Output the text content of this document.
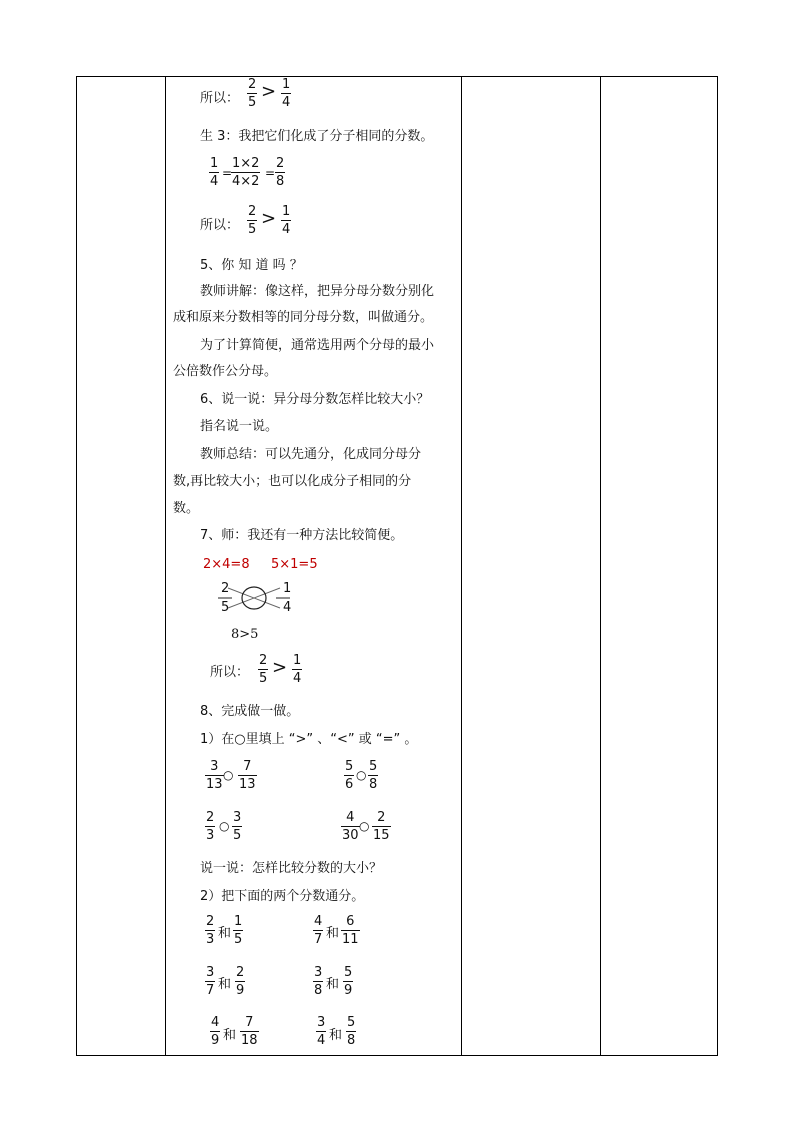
所以：
2
5
> 1
4
生 3：我把它们化成了分子相同的分数。
1
4
=
1×2
4×2
=
2
8
所以：
2
5
> 1
4
5、你 知 道 吗 ？
教师讲解：像这样，把异分母分数分别化
成和原来分数相等的同分母分数，叫做通分。
为了计算简便，通常选用两个分母的最小
公倍数作公分母。
6、说一说：异分母分数怎样比较大小？
指名说一说。
教师总结：可以先通分，化成同分母分
数,再比较大小；也可以化成分子相同的分
数。
7、师：我还有一种方法比较简便。
2×4=8 5×1=5
2
5
1
4
8>5
所以：
2
5
> 1
4
8、完成做一做。
1）在○里填上 “>” 、“<” 或 “=” 。
3
13
○
7
13
5
6
○
5
8
2
3
○
3
5
4
30
○
2
15
说一说：怎样比较分数的大小？
2）把下面的两个分数通分。
2
3 和
1
5
4
7 和
6
11
3
7 和
2
9
3
8 和
5
9
4
9 和
7
18
3
4 和
5
8
